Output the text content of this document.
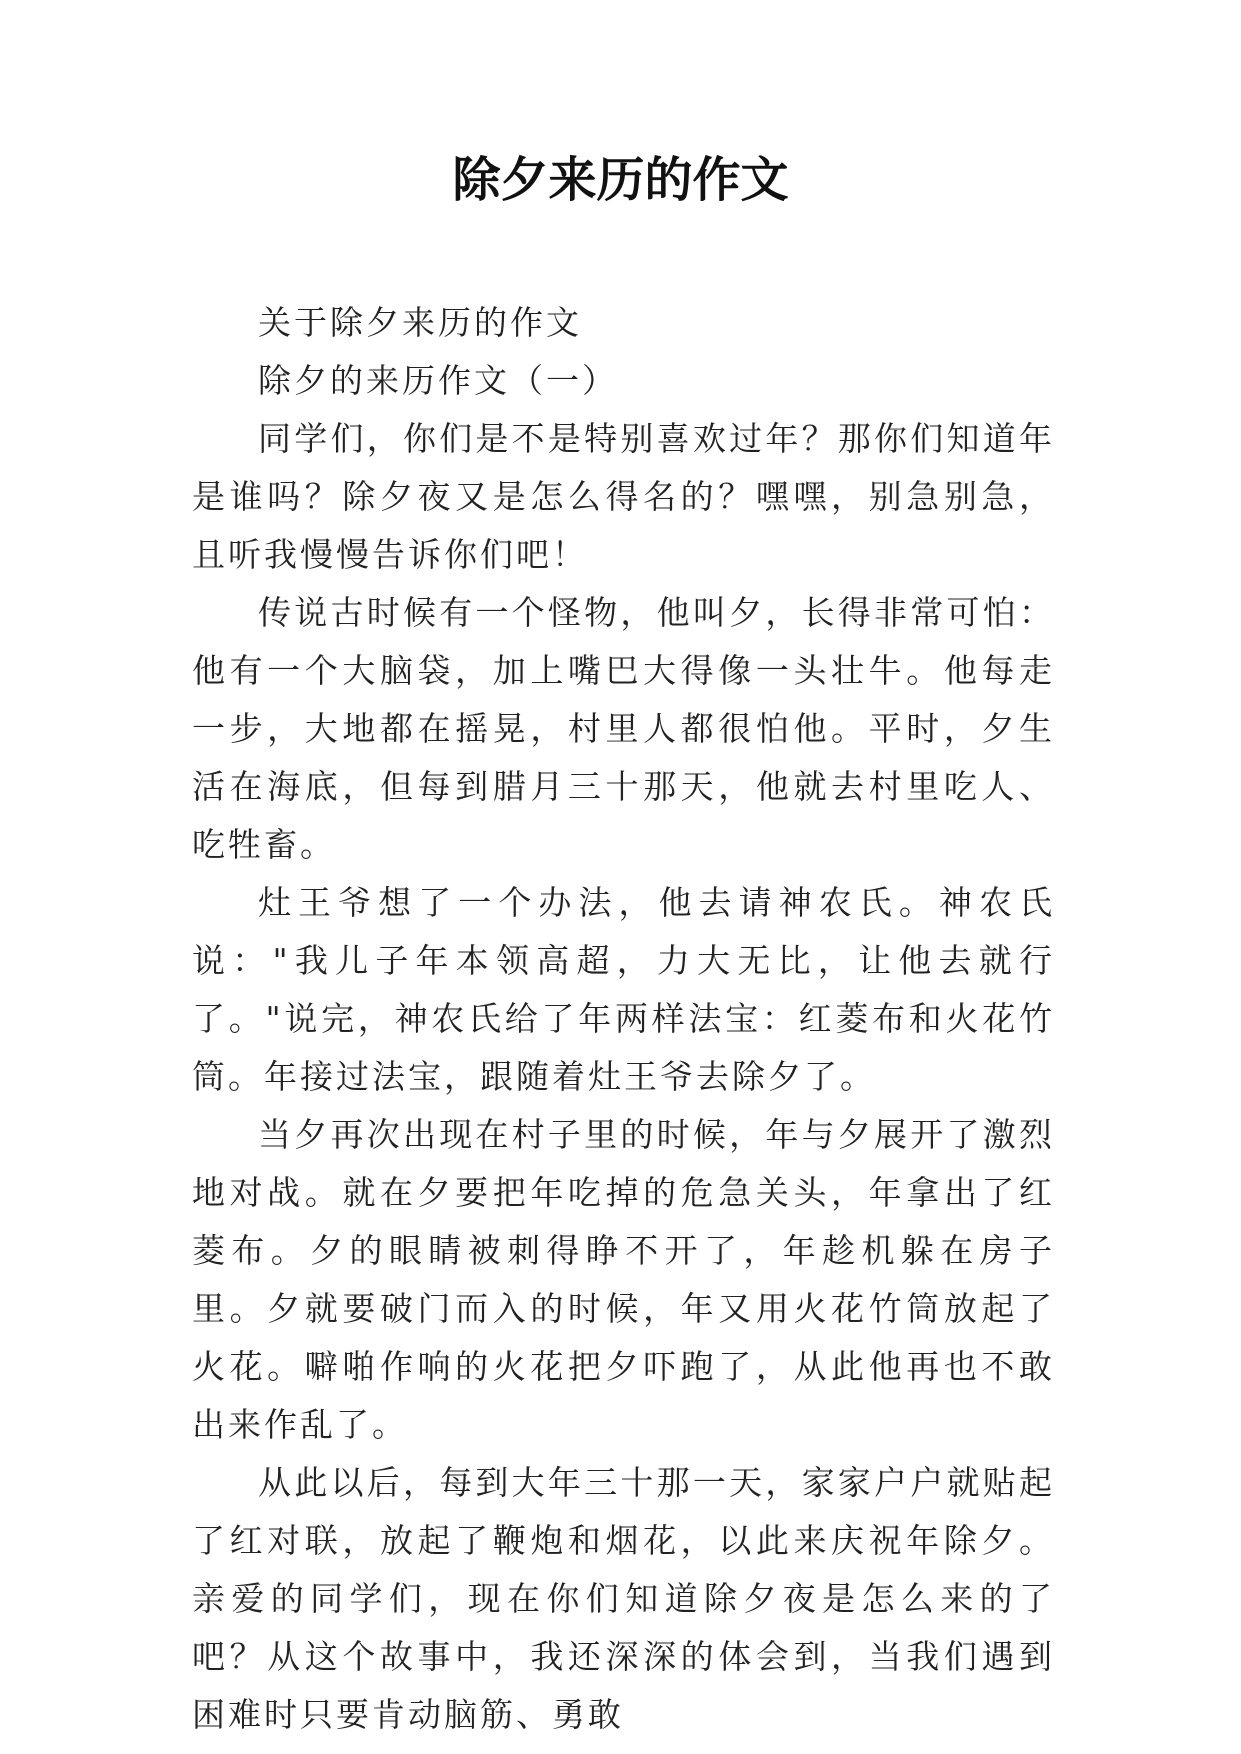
除夕来历的作文

关于除夕来历的作文

除夕的来历作文（一）

同学们，你们是不是特别喜欢过年？那你们知道年是谁吗？除夕夜又是怎么得名的？嘿嘿，别急别急，且听我慢慢告诉你们吧！

传说古时候有一个怪物，他叫夕，长得非常可怕：他有一个大脑袋，加上嘴巴大得像一头壮牛。他每走一步，大地都在摇晃，村里人都很怕他。平时，夕生活在海底，但每到腊月三十那天，他就去村里吃人、吃牲畜。

灶王爷想了一个办法，他去请神农氏。神农氏说："我儿子年本领高超，力大无比，让他去就行了。"说完，神农氏给了年两样法宝：红菱布和火花竹筒。年接过法宝，跟随着灶王爷去除夕了。

当夕再次出现在村子里的时候，年与夕展开了激烈地对战。就在夕要把年吃掉的危急关头，年拿出了红菱布。夕的眼睛被刺得睁不开了，年趁机躲在房子里。夕就要破门而入的时候，年又用火花竹筒放起了火花。噼啪作响的火花把夕吓跑了，从此他再也不敢出来作乱了。

从此以后，每到大年三十那一天，家家户户就贴起了红对联，放起了鞭炮和烟花，以此来庆祝年除夕。亲爱的同学们，现在你们知道除夕夜是怎么来的了吧？从这个故事中，我还深深的体会到，当我们遇到困难时只要肯动脑筋、勇敢
